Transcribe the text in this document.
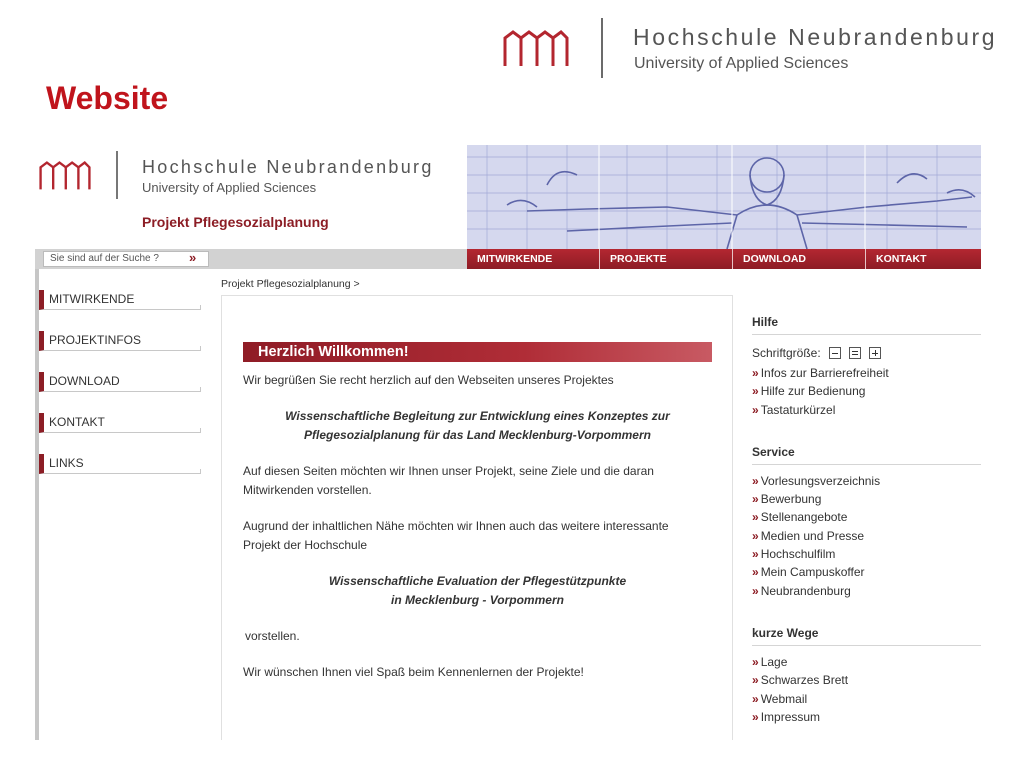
Hochschule Neubrandenburg
University of Applied Sciences
Website
Hochschule Neubrandenburg
University of Applied Sciences
Projekt Pflegesozialplanung
Sie sind auf der Suche ?	»	MITWIRKENDE	PROJEKTE	DOWNLOAD	KONTAKT
MITWIRKENDE
PROJEKTINFOS
DOWNLOAD
KONTAKT
LINKS
Projekt Pflegesozialplanung >
Herzlich Willkommen!
Wir begrüßen Sie recht herzlich auf den Webseiten unseres Projektes
Wissenschaftliche Begleitung zur Entwicklung eines Konzeptes zur
Pflegesozialplanung für das Land Mecklenburg-Vorpommern
Auf diesen Seiten möchten wir Ihnen unser Projekt, seine Ziele und die daran
Mitwirkenden vorstellen.
Augrund der inhaltlichen Nähe möchten wir Ihnen auch das weitere interessante
Projekt der Hochschule
Wissenschaftliche Evaluation der Pflegestützpunkte
in Mecklenburg - Vorpommern
vorstellen.
Wir wünschen Ihnen viel Spaß beim Kennenlernen der Projekte!
Hilfe
Schriftgröße:
» Infos zur Barrierefreiheit
» Hilfe zur Bedienung
» Tastaturkürzel
Service
» Vorlesungsverzeichnis
» Bewerbung
» Stellenangebote
» Medien und Presse
» Hochschulfilm
» Mein Campuskoffer
» Neubrandenburg
kurze Wege
» Lage
» Schwarzes Brett
» Webmail
» Impressum
